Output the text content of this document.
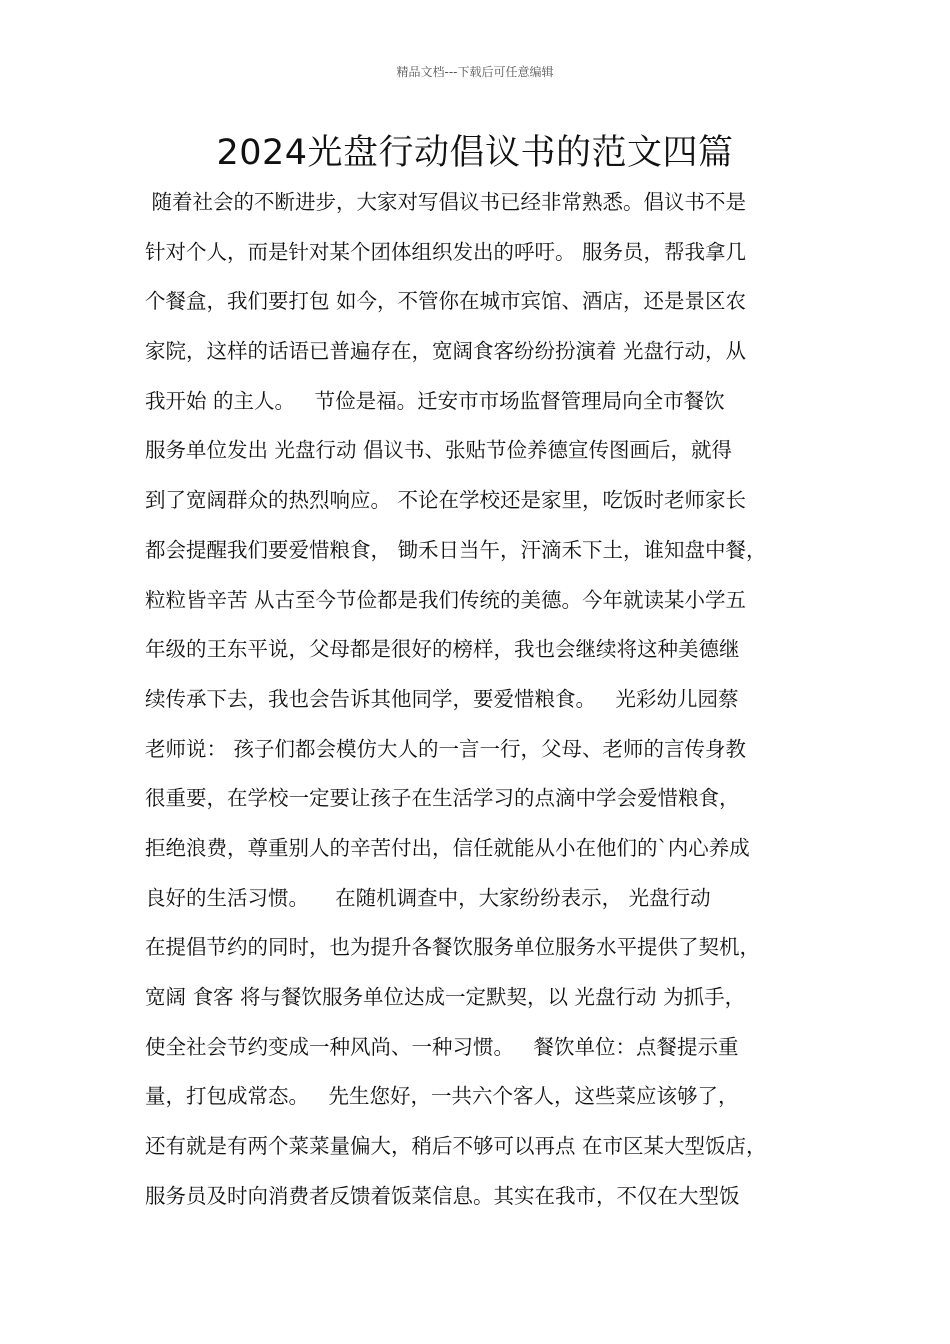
精品文档---下载后可任意编辑
2024光盘行动倡议书的范文四篇
随着社会的不断进步，大家对写倡议书已经非常熟悉。倡议书不是
针对个人，而是针对某个团体组织发出的呼吁。 服务员，帮我拿几
个餐盒，我们要打包 如今，不管你在城市宾馆、酒店，还是景区农
家院，这样的话语已普遍存在，宽阔食客纷纷扮演着 光盘行动，从
我开始 的主人。   节俭是福。迁安市市场监督管理局向全市餐饮
服务单位发出 光盘行动 倡议书、张贴节俭养德宣传图画后，就得
到了宽阔群众的热烈响应。 不论在学校还是家里，吃饭时老师家长
都会提醒我们要爱惜粮食， 锄禾日当午，汗滴禾下土，谁知盘中餐，
粒粒皆辛苦 从古至今节俭都是我们传统的美德。今年就读某小学五
年级的王东平说，父母都是很好的榜样，我也会继续将这种美德继
续传承下去，我也会告诉其他同学，要爱惜粮食。   光彩幼儿园蔡
老师说： 孩子们都会模仿大人的一言一行，父母、老师的言传身教
很重要，在学校一定要让孩子在生活学习的点滴中学会爱惜粮食，
拒绝浪费，尊重别人的辛苦付出，信任就能从小在他们的`内心养成
良好的生活习惯。    在随机调查中，大家纷纷表示， 光盘行动
在提倡节约的同时，也为提升各餐饮服务单位服务水平提供了契机，
宽阔 食客 将与餐饮服务单位达成一定默契，以 光盘行动 为抓手，
使全社会节约变成一种风尚、一种习惯。   餐饮单位：点餐提示重
量，打包成常态。   先生您好，一共六个客人，这些菜应该够了，
还有就是有两个菜菜量偏大，稍后不够可以再点 在市区某大型饭店，
服务员及时向消费者反馈着饭菜信息。其实在我市，不仅在大型饭
